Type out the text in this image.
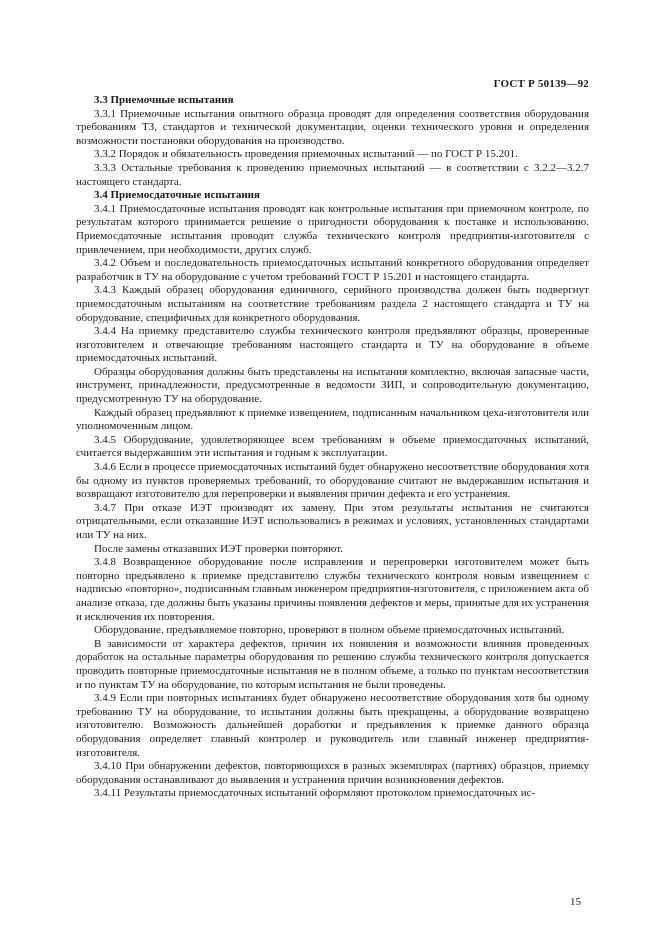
ГОСТ Р 50139—92

3.3 Приемочные испытания

3.3.1 Приемочные испытания опытного образца проводят для определения соответствия оборудования требованиям ТЗ, стандартов и технической документации, оценки технического уровня и определения возможности постановки оборудования на производство.

3.3.2 Порядок и обязательность проведения приемочных испытаний — по ГОСТ Р 15.201.

3.3.3 Остальные требования к проведению приемочных испытаний — в соответствии с 3.2.2—3.2.7 настоящего стандарта.

3.4 Приемосдаточные испытания

3.4.1 Приемосдаточные испытания проводят как контрольные испытания при приемочном контроле, по результатам которого принимается решение о пригодности оборудования к поставке и использованию. Приемосдаточные испытания проводит служба технического контроля предприятия-изготовителя с привлечением, при необходимости, других служб.

3.4.2 Объем и последовательность приемосдаточных испытаний конкретного оборудования определяет разработчик в ТУ на оборудование с учетом требований ГОСТ Р 15.201 и настоящего стандарта.

3.4.3 Каждый образец оборудования единичного, серийного производства должен быть подвергнут приемосдаточным испытаниям на соответствие требованиям раздела 2 настоящего стандарта и ТУ на оборудование, специфичных для конкретного оборудования.

3.4.4 На приемку представителю службы технического контроля предъявляют образцы, проверенные изготовителем и отвечающие требованиям настоящего стандарта и ТУ на оборудование в объеме приемосдаточных испытаний.

Образцы оборудования должны быть представлены на испытания комплектно, включая запасные части, инструмент, принадлежности, предусмотренные в ведомости ЗИП, и сопроводительную документацию, предусмотренную ТУ на оборудование.

Каждый образец предъявляют к приемке извещением, подписанным начальником цеха-изготовителя или уполномоченным лицом.

3.4.5 Оборудование, удовлетворяющее всем требованиям в объеме приемосдаточных испытаний, считается выдержавшим эти испытания и годным к эксплуатации.

3.4.6 Если в процессе приемосдаточных испытаний будет обнаружено несоответствие оборудования хотя бы одному из пунктов проверяемых требований, то оборудование считают не выдержавшим испытания и возвращают изготовителю для перепроверки и выявления причин дефекта и его устранения.

3.4.7 При отказе ИЭТ производят их замену. При этом результаты испытания не считаются отрицательными, если отказавшие ИЭТ использовались в режимах и условиях, установленных стандартами или ТУ на них.

После замены отказавших ИЭТ проверки повторяют.

3.4.8 Возвращенное оборудование после исправления и перепроверки изготовителем может быть повторно предъявлено к приемке представителю службы технического контроля новым извещением с надписью «повторно», подписанным главным инженером предприятия-изготовителя, с приложением акта об анализе отказа, где должны быть указаны причины появления дефектов и меры, принятые для их устранения и исключения их повторения.

Оборудование, предъявляемое повторно, проверяют в полном объеме приемосдаточных испытаний.

В зависимости от характера дефектов, причин их появления и возможности влияния проведенных доработок на остальные параметры оборудования по решению службы технического контроля допускается проводить повторные приемосдаточные испытания не в полном объеме, а только по пунктам несоответствия и по пунктам ТУ на оборудование, по которым испытания не были проведены.

3.4.9 Если при повторных испытаниях будет обнаружено несоответствие оборудования хотя бы одному требованию ТУ на оборудование, то испытания должны быть прекращены, а оборудование возвращено изготовителю. Возможность дальнейшей доработки и предъявления к приемке данного образца оборудования определяет главный контролер и руководитель или главный инженер предприятия-изготовителя.

3.4.10 При обнаружении дефектов, повторяющихся в разных экземплярах (партиях) образцов, приемку оборудования останавливают до выявления и устранения причин возникновения дефектов.

3.4.11 Результаты приемосдаточных испытаний оформляют протоколом приемосдаточных ис-

15
